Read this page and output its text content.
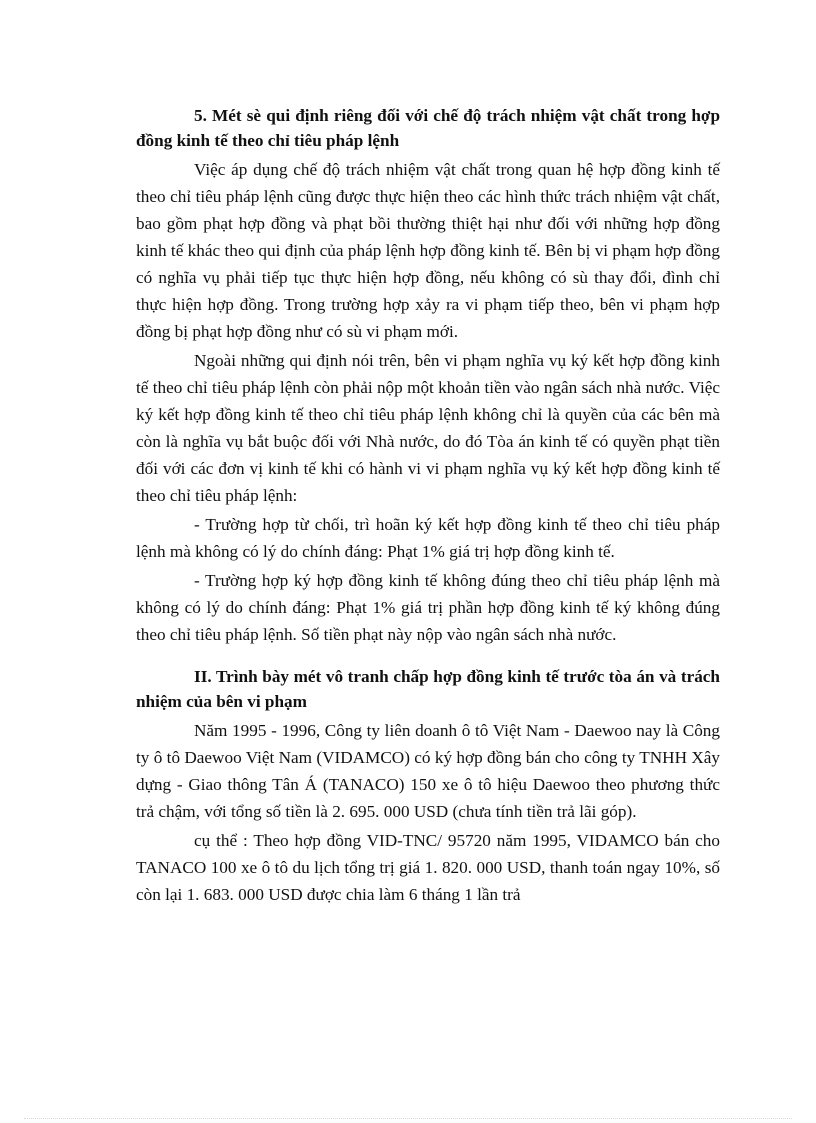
5. Mét sè qui định riêng đối với chế độ trách nhiệm vật chất trong hợp đồng kinh tế theo chỉ tiêu pháp lệnh

Việc áp dụng chế độ trách nhiệm vật chất trong quan hệ hợp đồng kinh tế theo chỉ tiêu pháp lệnh cũng được thực hiện theo các hình thức trách nhiệm vật chất, bao gồm phạt hợp đồng và phạt bồi thường thiệt hại như đối với những hợp đồng kinh tế khác theo qui định của pháp lệnh hợp đồng kinh tế. Bên bị vi phạm hợp đồng có nghĩa vụ phải tiếp tục thực hiện hợp đồng, nếu không có sù thay đổi, đình chỉ thực hiện hợp đồng. Trong trường hợp xảy ra vi phạm tiếp theo, bên vi phạm hợp đồng bị phạt hợp đồng như có sù vi phạm mới.

Ngoài những qui định nói trên, bên vi phạm nghĩa vụ ký kết hợp đồng kinh tế theo chỉ tiêu pháp lệnh còn phải nộp một khoản tiền vào ngân sách nhà nước. Việc ký kết hợp đồng kinh tế theo chỉ tiêu pháp lệnh không chỉ là quyền của các bên mà còn là nghĩa vụ bắt buộc đối với Nhà nước, do đó Tòa án kinh tế có quyền phạt tiền đối với các đơn vị kinh tế khi có hành vi vi phạm nghĩa vụ ký kết hợp đồng kinh tế theo chỉ tiêu pháp lệnh:

- Trường hợp từ chối, trì hoãn ký kết hợp đồng kinh tế theo chỉ tiêu pháp lệnh mà không có lý do chính đáng: Phạt 1% giá trị hợp đồng kinh tế.

- Trường hợp ký hợp đồng kinh tế không đúng theo chỉ tiêu pháp lệnh mà không có lý do chính đáng: Phạt 1% giá trị phần hợp đồng kinh tế ký không đúng theo chỉ tiêu pháp lệnh. Số tiền phạt này nộp vào ngân sách nhà nước.

II. Trình bày mét vô tranh chấp hợp đồng kinh tế trước tòa án và trách nhiệm của bên vi phạm

Năm 1995 - 1996, Công ty liên doanh ô tô Việt Nam - Daewoo nay là Công ty ô tô Daewoo Việt Nam (VIDAMCO) có ký hợp đồng bán cho công ty TNHH Xây dựng - Giao thông Tân Á (TANACO) 150 xe ô tô hiệu Daewoo theo phương thức trả chậm, với tổng số tiền là 2. 695. 000 USD (chưa tính tiền trả lãi góp).

cụ thể : Theo hợp đồng VID-TNC/ 95720 năm 1995, VIDAMCO bán cho TANACO 100 xe ô tô du lịch tổng trị giá 1. 820. 000 USD, thanh toán ngay 10%, số còn lại 1. 683. 000 USD được chia làm 6 tháng 1 lần trả
